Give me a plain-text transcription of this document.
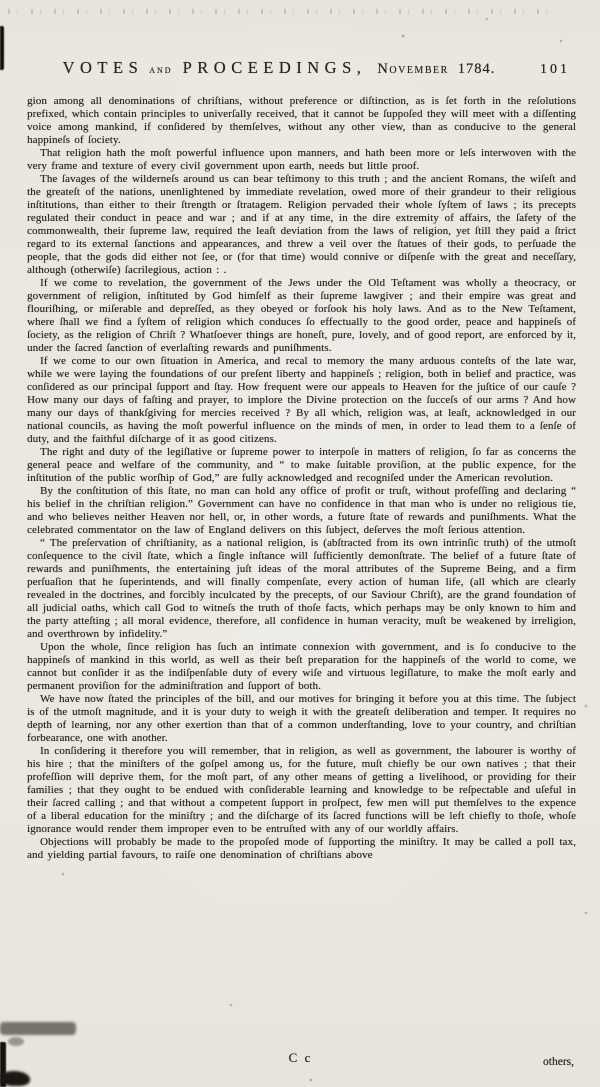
VOTES and PROCEEDINGS, November 1784.	101

gion among all denominations of chriſtians, without preference or diſtinction, as is ſet forth in the reſolutions prefixed, which contain principles to univerſally received, that it cannot be ſuppoſed they will meet with a diſſenting voice among mankind, if conſidered by themſelves, without any other view, than as conducive to the general happineſs of ſociety.

That religion hath the moſt powerful influence upon manners, and hath been more or leſs interwoven with the very frame and texture of every civil government upon earth, needs but little proof.

The ſavages of the wilderneſs around us can bear teſtimony to this truth ; and the ancient Romans, the wiſeſt and the greateſt of the nations, unenlightened by immediate revelation, owed more of their grandeur to their religious inſtitutions, than either to their ſtrength or ſtratagem. Religion pervaded their whole ſyſtem of laws ; its precepts regulated their conduct in peace and war ; and if at any time, in the dire extremity of affairs, the ſafety of the commonwealth, their ſupreme law, required the leaſt deviation from the laws of religion, yet ſtill they paid a ſtrict regard to its external ſanctions and appearances, and threw a veil over the ſtatues of their gods, to perſuade the people, that the gods did either not ſee, or (for that time) would connive or diſpenſe with the great and neceſſary, although (otherwiſe) ſacrilegious, action : .

If we come to revelation, the government of the Jews under the Old Teſtament was wholly a theocracy, or government of religion, inſtituted by God himſelf as their ſupreme lawgiver ; and their empire was great and flouriſhing, or miſerable and depreſſed, as they obeyed or forſook his holy laws. And as to the New Teſtament, where ſhall we find a ſyſtem of religion which conduces ſo effectually to the good order, peace and happineſs of ſociety, as the religion of Chriſt ? Whatſoever things are honeſt, pure, lovely, and of good report, are enforced by it, under the ſacred ſanction of everlaſting rewards and puniſhments.

If we come to our own ſituation in America, and recal to memory the many arduous conteſts of the late war, while we were laying the foundations of our preſent liberty and happineſs ; religion, both in belief and practice, was conſidered as our principal ſupport and ſtay. How frequent were our appeals to Heaven for the juſtice of our cauſe ? How many our days of faſting and prayer, to implore the Divine protection on the ſucceſs of our arms ? And how many our days of thankſgiving for mercies received ? By all which, religion was, at leaſt, acknowledged in our national councils, as having the moſt powerful influence on the minds of men, in order to lead them to a ſenſe of duty, and the faithful diſcharge of it as good citizens.

The right and duty of the legiſlative or ſupreme power to interpoſe in matters of religion, ſo far as concerns the general peace and welfare of the community, and “ to make ſuitable proviſion, at the public expence, for the inſtitution of the public worſhip of God,” are fully acknowledged and recogniſed under the American revolution.

By the conſtitution of this ſtate, no man can hold any office of profit or truſt, without profeſſing and declaring “ his belief in the chriſtian religion.” Government can have no confidence in that man who is under no religious tie, and who believes neither Heaven nor hell, or, in other words, a future ſtate of rewards and puniſhments. What the celebrated commentator on the law of England delivers on this ſubject, deſerves the moſt ſerious attention.

“ The preſervation of chriſtianity, as a national religion, is (abſtracted from its own intrinſic truth) of the utmoſt conſequence to the civil ſtate, which a ſingle inſtance will ſufficiently demonſtrate. The belief of a future ſtate of rewards and puniſhments, the entertaining juſt ideas of the moral attributes of the Supreme Being, and a firm perſuaſion that he ſuperintends, and will finally compenſate, every action of human life, (all which are clearly revealed in the doctrines, and forcibly inculcated by the precepts, of our Saviour Chriſt), are the grand foundation of all judicial oaths, which call God to witneſs the truth of thoſe facts, which perhaps may be only known to him and the party atteſting ; all moral evidence, therefore, all confidence in human veracity, muſt be weakened by irreligion, and overthrown by infidelity.”

Upon the whole, ſince religion has ſuch an intimate connexion with government, and is ſo conducive to the happineſs of mankind in this world, as well as their beſt preparation for the happineſs of the world to come, we cannot but conſider it as the indiſpenſable duty of every wiſe and virtuous legiſlature, to make the moſt early and permanent proviſion for the adminiſtration and ſupport of both.

We have now ſtated the principles of the bill, and our motives for bringing it before you at this time. The ſubject is of the utmoſt magnitude, and it is your duty to weigh it with the greateſt deliberation and temper. It requires no depth of learning, nor any other exertion than that of a common underſtanding, love to your country, and chriſtian forbearance, one with another.

In conſidering it therefore you will remember, that in religion, as well as government, the labourer is worthy of his hire ; that the miniſters of the goſpel among us, for the future, muſt chiefly be our own natives ; that their profeſſion will deprive them, for the moſt part, of any other means of getting a livelihood, or providing for their families ; that they ought to be endued with conſiderable learning and knowledge to be reſpectable and uſeful in their ſacred calling ; and that without a competent ſupport in proſpect, few men will put themſelves to the expence of a liberal education for the miniſtry ; and the diſcharge of its ſacred functions will be left chiefly to thoſe, whoſe ignorance would render them improper even to be entruſted with any of our worldly affairs.

Objections will probably be made to the propoſed mode of ſupporting the miniſtry. It may be called a poll tax, and yielding partial favours, to raiſe one denomination of chriſtians above

C c	others,
